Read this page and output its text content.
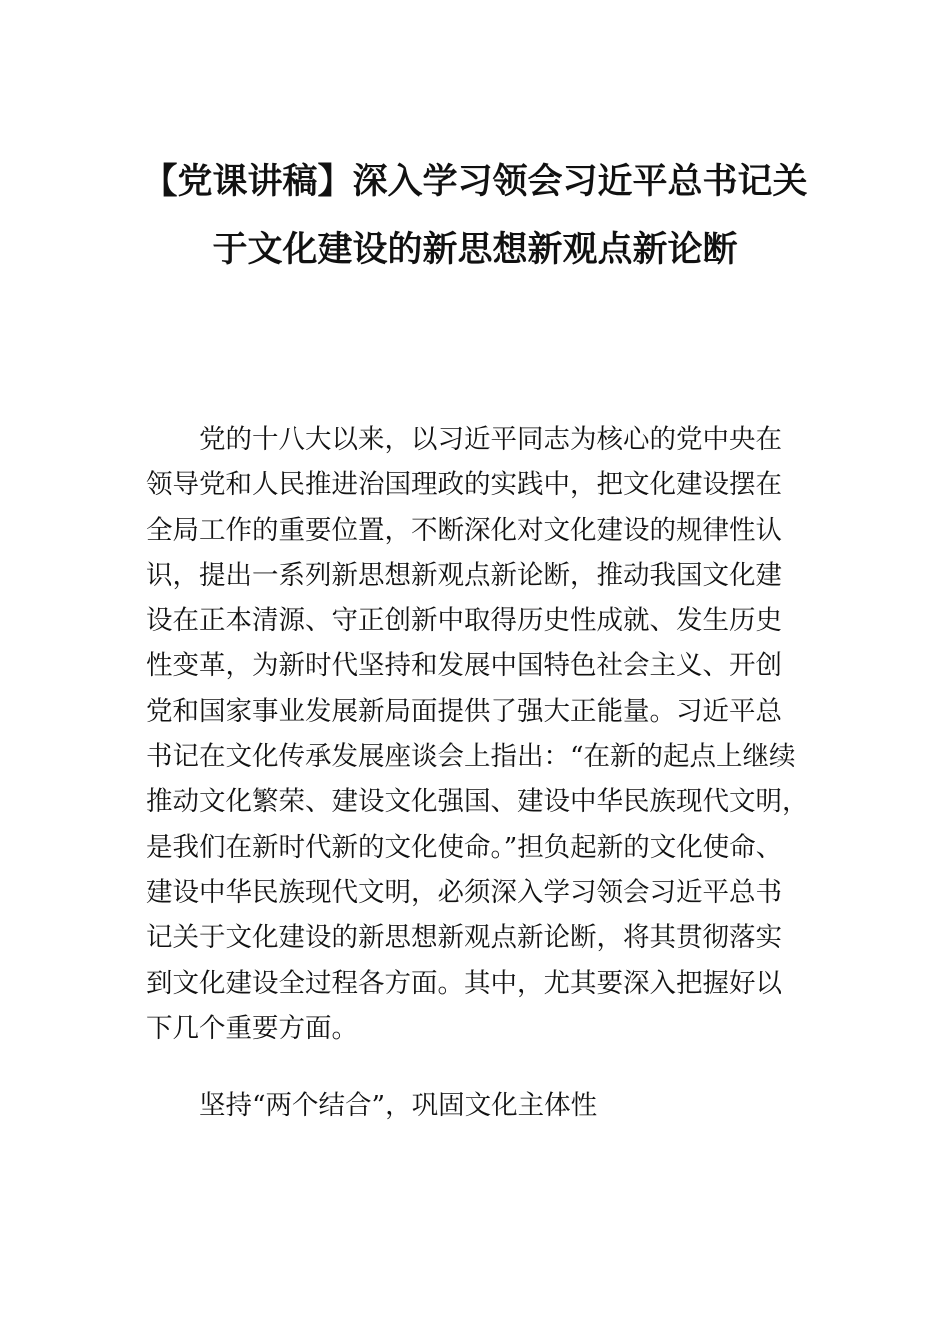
【党课讲稿】深入学习领会习近平总书记关
于文化建设的新思想新观点新论断

党的十八大以来，以习近平同志为核心的党中央在
领导党和人民推进治国理政的实践中，把文化建设摆在
全局工作的重要位置，不断深化对文化建设的规律性认
识，提出一系列新思想新观点新论断，推动我国文化建
设在正本清源、守正创新中取得历史性成就、发生历史
性变革，为新时代坚持和发展中国特色社会主义、开创
党和国家事业发展新局面提供了强大正能量。习近平总
书记在文化传承发展座谈会上指出：“在新的起点上继续
推动文化繁荣、建设文化强国、建设中华民族现代文明，
是我们在新时代新的文化使命。”担负起新的文化使命、
建设中华民族现代文明，必须深入学习领会习近平总书
记关于文化建设的新思想新观点新论断，将其贯彻落实
到文化建设全过程各方面。其中，尤其要深入把握好以
下几个重要方面。

坚持“两个结合”，巩固文化主体性
